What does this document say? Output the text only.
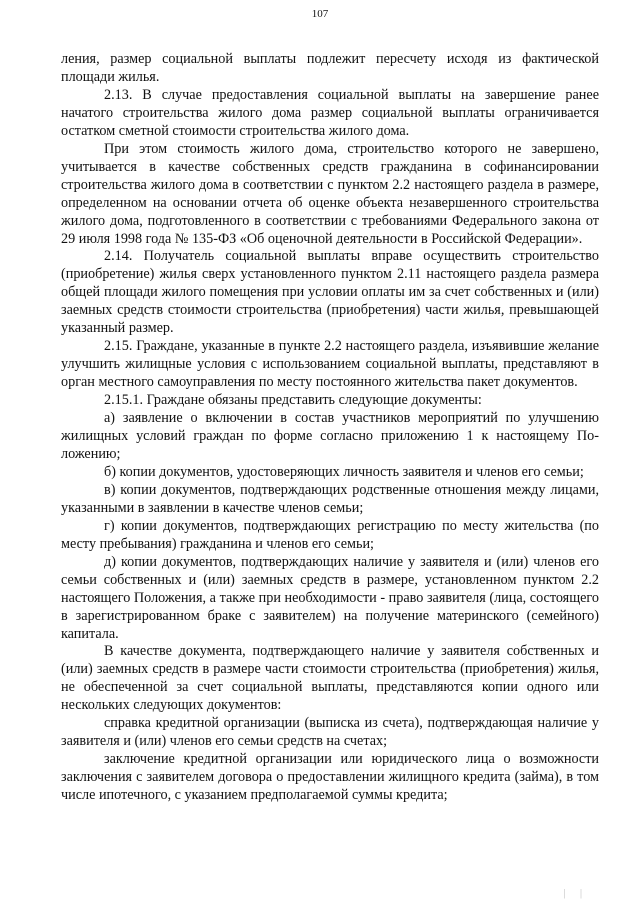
107

ления, размер социальной выплаты подлежит пересчету исходя из фактической площади жилья.

2.13. В случае предоставления социальной выплаты на завершение ранее начатого строительства жилого дома размер социальной выплаты ограничивается остатком сметной стоимости строительства жилого дома.

При этом стоимость жилого дома, строительство которого не завершено, учитывается в качестве собственных средств гражданина в софинансировании строительства жилого дома в соответствии с пунктом 2.2 настоящего раздела в размере, определенном на основании отчета об оценке объекта незавершенного строительства жилого дома, подготовленного в соответствии с требованиями Федерального закона от 29 июля 1998 года № 135-ФЗ «Об оценочной деятельности в Российской Федерации».

2.14. Получатель социальной выплаты вправе осуществить строительство (приобретение) жилья сверх установленного пунктом 2.11 настоящего раздела размера общей площади жилого помещения при условии оплаты им за счет собственных и (или) заемных средств стоимости строительства (приобретения) части жилья, превышающей указанный размер.

2.15. Граждане, указанные в пункте 2.2 настоящего раздела, изъявившие желание улучшить жилищные условия с использованием социальной выплаты, представляют в орган местного самоуправления по месту постоянного жительства пакет документов.

2.15.1. Граждане обязаны представить следующие документы:

а) заявление о включении в состав участников мероприятий по улучшению жилищных условий граждан по форме согласно приложению 1 к настоящему Положению;

б) копии документов, удостоверяющих личность заявителя и членов его семьи;

в) копии документов, подтверждающих родственные отношения между лицами, указанными в заявлении в качестве членов семьи;

г) копии документов, подтверждающих регистрацию по месту жительства (по месту пребывания) гражданина и членов его семьи;

д) копии документов, подтверждающих наличие у заявителя и (или) членов его семьи собственных и (или) заемных средств в размере, установленном пунктом 2.2 настоящего Положения, а также при необходимости - право заявителя (лица, состоящего в зарегистрированном браке с заявителем) на получение материнского (семейного) капитала.

В качестве документа, подтверждающего наличие у заявителя собственных и (или) заемных средств в размере части стоимости строительства (приобретения) жилья, не обеспеченной за счет социальной выплаты, представляются копии одного или нескольких следующих документов:

справка кредитной организации (выписка из счета), подтверждающая наличие у заявителя и (или) членов его семьи средств на счетах;

заключение кредитной организации или юридического лица о возможности заключения с заявителем договора о предоставлении жилищного кредита (займа), в том числе ипотечного, с указанием предполагаемой суммы кредита;

| |
